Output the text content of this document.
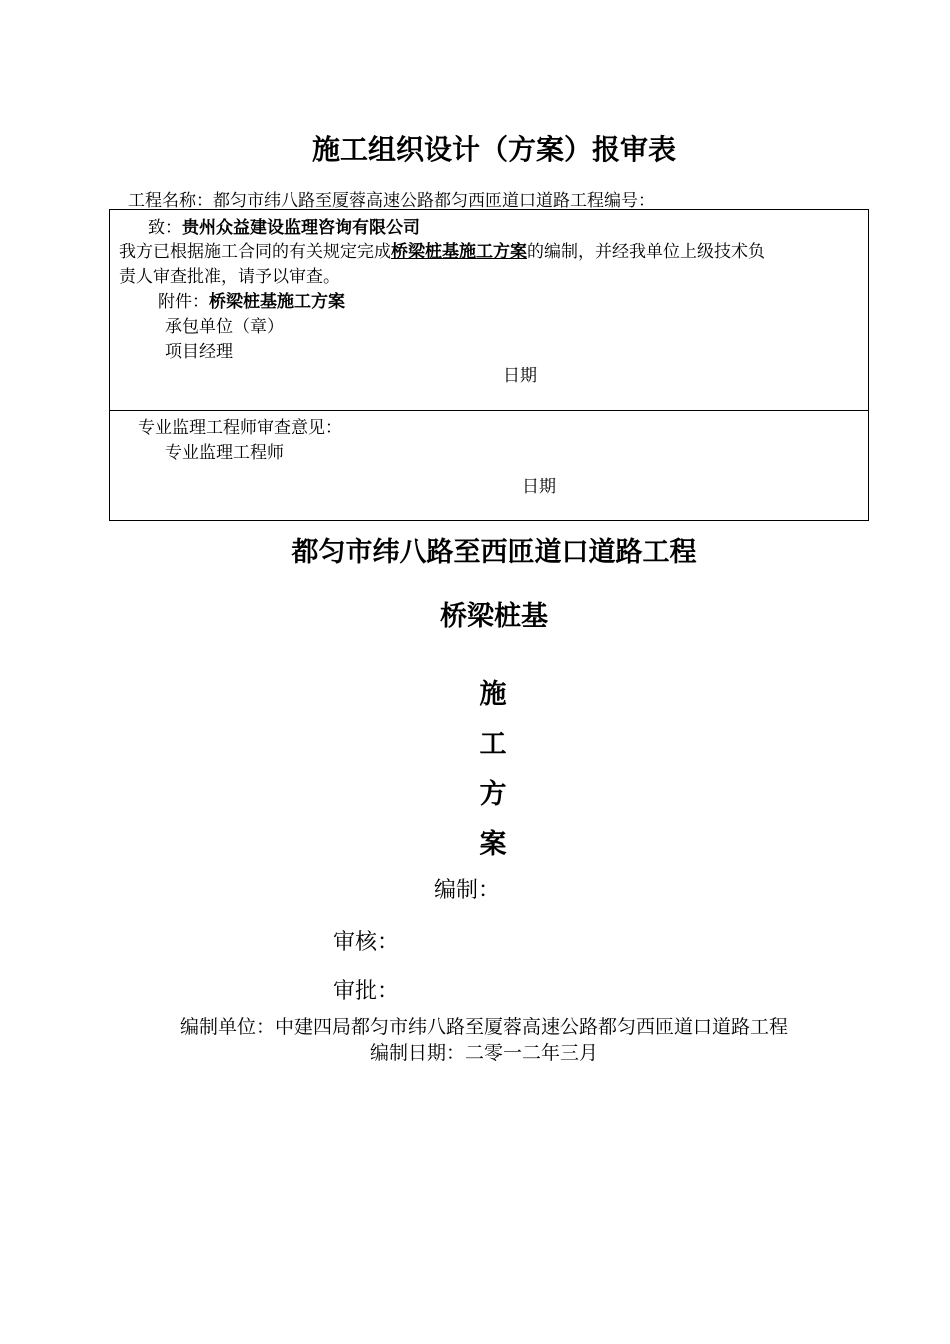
施工组织设计（方案）报审表
工程名称：都匀市纬八路至厦蓉高速公路都匀西匝道口道路工程编号：
致：贵州众益建设监理咨询有限公司
我方已根据施工合同的有关规定完成桥梁桩基施工方案的编制，并经我单位上级技术负
责人审查批准，请予以审查。
附件：桥梁桩基施工方案
承包单位（章）
项目经理
日期
专业监理工程师审查意见：
专业监理工程师
日期
都匀市纬八路至西匝道口道路工程
桥梁桩基
施
工
方
案
编制：
审核：
审批：
编制单位：中建四局都匀市纬八路至厦蓉高速公路都匀西匝道口道路工程
编制日期：二零一二年三月
